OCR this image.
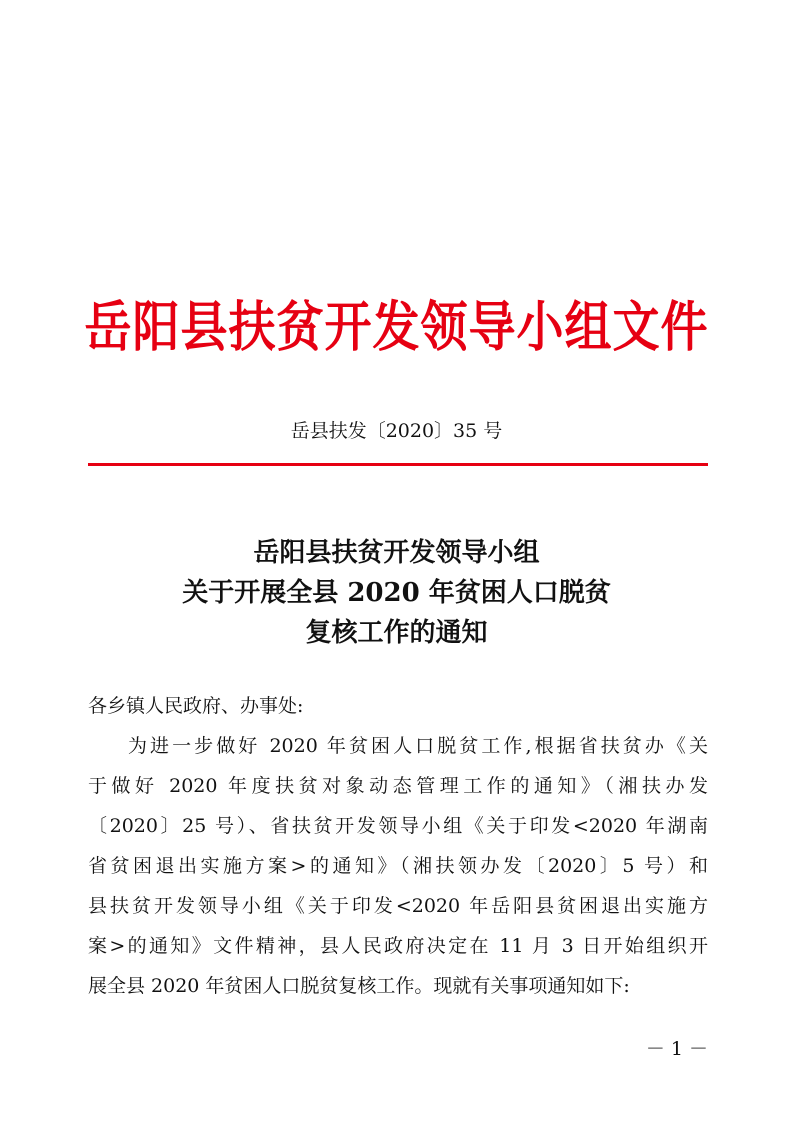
岳阳县扶贫开发领导小组文件
岳县扶发〔2020〕35 号
岳阳县扶贫开发领导小组
关于开展全县 2020 年贫困人口脱贫
复核工作的通知
各乡镇人民政府、办事处:
为进一步做好 2020 年贫困人口脱贫工作,根据省扶贫办《关
于做好 2020 年度扶贫对象动态管理工作的通知》（湘扶办发
〔2020〕25 号）、省扶贫开发领导小组《关于印发<2020 年湖南
省贫困退出实施方案>的通知》（湘扶领办发〔2020〕5 号）和
县扶贫开发领导小组《关于印发<2020 年岳阳县贫困退出实施方
案>的通知》文件精神，县人民政府决定在 11 月 3 日开始组织开
展全县 2020 年贫困人口脱贫复核工作。现就有关事项通知如下:
－ 1 －
